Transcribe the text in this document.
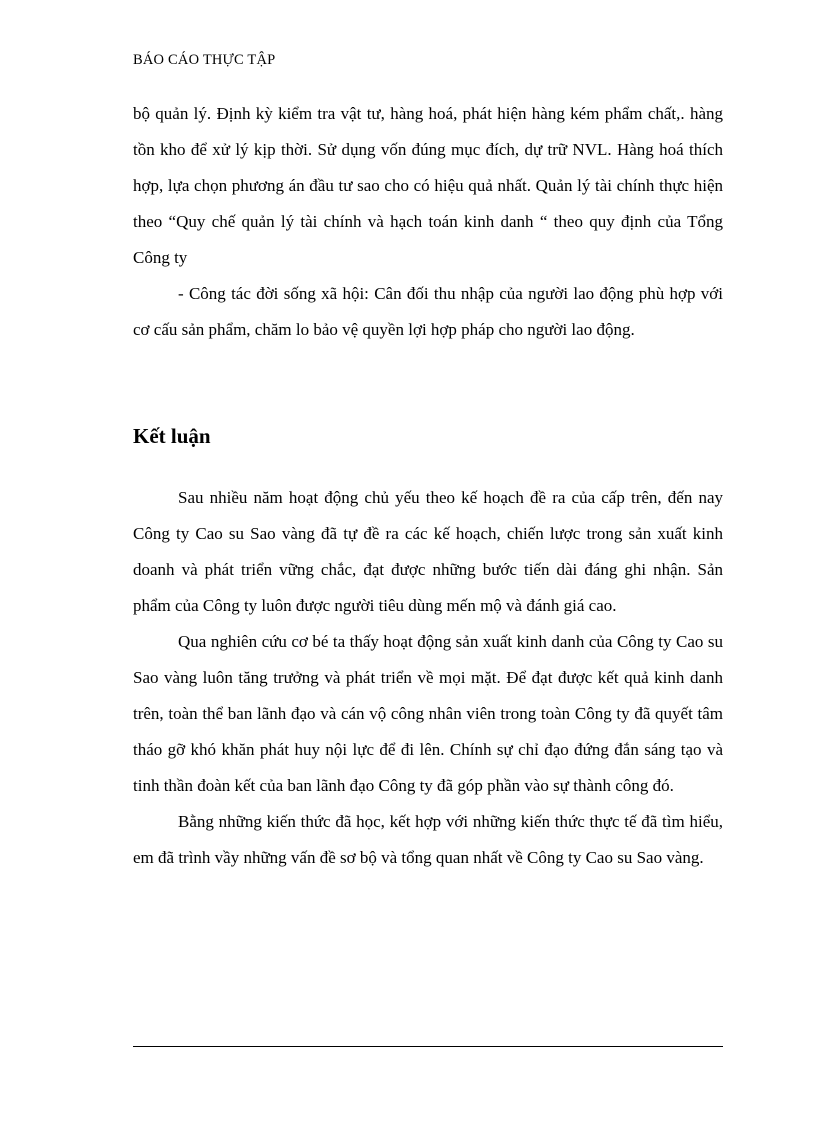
BÁO CÁO THỰC TẬP

bộ quản lý. Định kỳ kiểm tra vật tư, hàng hoá, phát hiện hàng kém phẩm chất,. hàng tồn kho để xử lý kịp thời. Sử dụng vốn đúng mục đích, dự trữ NVL. Hàng hoá thích hợp, lựa chọn phương án đầu tư sao cho có hiệu quả nhất. Quản lý tài chính thực hiện theo “Quy chế quản lý tài chính và hạch toán kinh danh “ theo quy định của Tổng Công ty

- Công tác đời sống xã hội: Cân đối thu nhập của người lao động phù hợp với cơ cấu sản phẩm, chăm lo bảo vệ quyền lợi hợp pháp cho người lao động.

Kết luận

Sau nhiều năm hoạt động chủ yếu theo kế hoạch đề ra của cấp trên, đến nay Công ty Cao su Sao vàng đã tự đề ra các kế hoạch, chiến lược trong sản xuất kinh doanh và phát triển vững chắc, đạt được những bước tiến dài đáng ghi nhận. Sản phẩm của Công ty luôn được người tiêu dùng mến mộ và đánh giá cao.

Qua nghiên cứu cơ bé ta thấy hoạt động sản xuất kinh danh của Công ty Cao su Sao vàng luôn tăng trưởng và phát triển về mọi mặt. Để đạt được kết quả kinh danh trên, toàn thể ban lãnh đạo và cán vộ công nhân viên trong toàn Công ty đã quyết tâm tháo gỡ khó khăn phát huy nội lực để đi lên. Chính sự chỉ đạo đứng đắn sáng tạo và tinh thần đoàn kết của ban lãnh đạo Công ty đã góp phần vào sự thành công đó.

Bằng những kiến thức đã học, kết hợp với những kiến thức thực tế đã tìm hiểu, em đã trình vầy những vấn đề sơ bộ và tổng quan nhất về Công ty Cao su Sao vàng.
